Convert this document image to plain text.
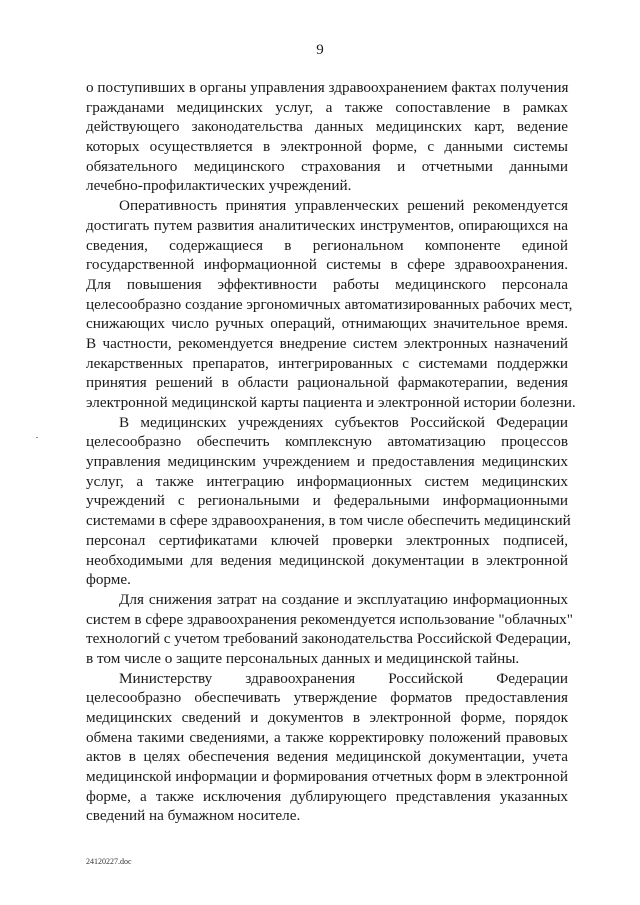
9

о поступивших в органы управления здравоохранением фактах получения
гражданами медицинских услуг, а также сопоставление в рамках
действующего законодательства данных медицинских карт, ведение
которых осуществляется в электронной форме, с данными системы
обязательного медицинского страхования и отчетными данными
лечебно-профилактических учреждений.

Оперативность принятия управленческих решений рекомендуется
достигать путем развития аналитических инструментов, опирающихся на
сведения, содержащиеся в региональном компоненте единой
государственной информационной системы в сфере здравоохранения.
Для повышения эффективности работы медицинского персонала
целесообразно создание эргономичных автоматизированных рабочих мест,
снижающих число ручных операций, отнимающих значительное время.
В частности, рекомендуется внедрение систем электронных назначений
лекарственных препаратов, интегрированных с системами поддержки
принятия решений в области рациональной фармакотерапии, ведения
электронной медицинской карты пациента и электронной истории болезни.

В медицинских учреждениях субъектов Российской Федерации
целесообразно обеспечить комплексную автоматизацию процессов
управления медицинским учреждением и предоставления медицинских
услуг, а также интеграцию информационных систем медицинских
учреждений с региональными и федеральными информационными
системами в сфере здравоохранения, в том числе обеспечить медицинский
персонал сертификатами ключей проверки электронных подписей,
необходимыми для ведения медицинской документации в электронной
форме.

Для снижения затрат на создание и эксплуатацию информационных
систем в сфере здравоохранения рекомендуется использование "облачных"
технологий с учетом требований законодательства Российской Федерации,
в том числе о защите персональных данных и медицинской тайны.

Министерству здравоохранения Российской Федерации
целесообразно обеспечивать утверждение форматов предоставления
медицинских сведений и документов в электронной форме, порядок
обмена такими сведениями, а также корректировку положений правовых
актов в целях обеспечения ведения медицинской документации, учета
медицинской информации и формирования отчетных форм в электронной
форме, а также исключения дублирующего представления указанных
сведений на бумажном носителе.

24120227.doc
